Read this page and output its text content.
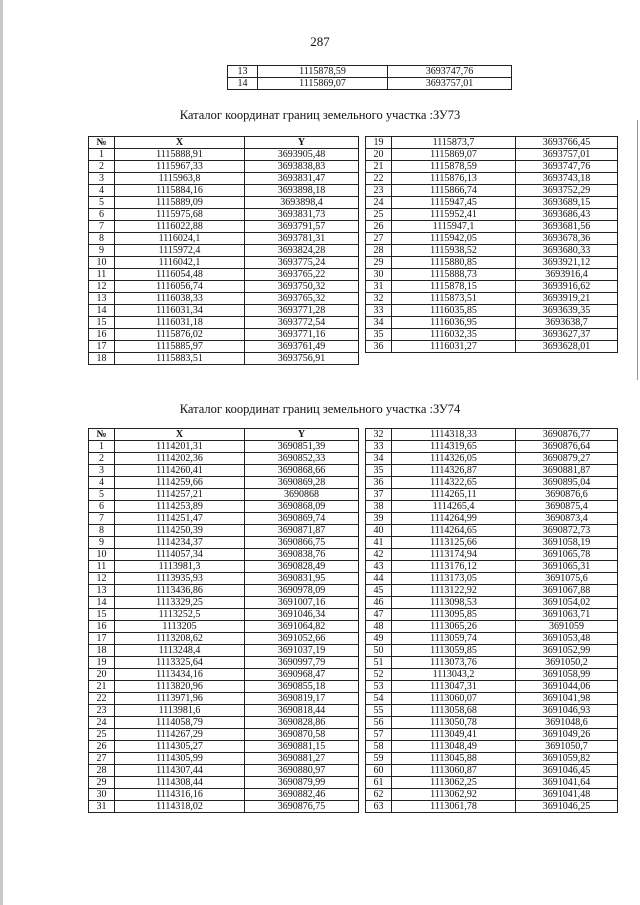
287
13	1115878,59	3693747,76
14	1115869,07	3693757,01
Каталог координат границ земельного участка :ЗУ73
№	X	Y
1	1115888,91	3693905,48
2	1115967,33	3693838,83
3	1115963,8	3693831,47
4	1115884,16	3693898,18
5	1115889,09	3693898,4
6	1115975,68	3693831,73
7	1116022,88	3693791,57
8	1116024,1	3693781,31
9	1115972,4	3693824,28
10	1116042,1	3693775,24
11	1116054,48	3693765,22
12	1116056,74	3693750,32
13	1116038,33	3693765,32
14	1116031,34	3693771,28
15	1116031,18	3693772,54
16	1115876,02	3693771,16
17	1115885,97	3693761,49
18	1115883,51	3693756,91
19	1115873,7	3693766,45
20	1115869,07	3693757,01
21	1115878,59	3693747,76
22	1115876,13	3693743,18
23	1115866,74	3693752,29
24	1115947,45	3693689,15
25	1115952,41	3693686,43
26	1115947,1	3693681,56
27	1115942,05	3693678,36
28	1115938,52	3693680,33
29	1115880,85	3693921,12
30	1115888,73	3693916,4
31	1115878,15	3693916,62
32	1115873,51	3693919,21
33	1116035,85	3693639,35
34	1116036,95	3693638,7
35	1116032,35	3693627,37
36	1116031,27	3693628,01
Каталог координат границ земельного участка :ЗУ74
№	X	Y
1	1114201,31	3690851,39
2	1114202,36	3690852,33
3	1114260,41	3690868,66
4	1114259,66	3690869,28
5	1114257,21	3690868
6	1114253,89	3690868,09
7	1114251,47	3690869,74
8	1114250,39	3690871,87
9	1114234,37	3690866,75
10	1114057,34	3690838,76
11	1113981,3	3690828,49
12	1113935,93	3690831,95
13	1113436,86	3690978,09
14	1113329,25	3691007,16
15	1113252,5	3691046,34
16	1113205	3691064,82
17	1113208,62	3691052,66
18	1113248,4	3691037,19
19	1113325,64	3690997,79
20	1113434,16	3690968,47
21	1113820,96	3690855,18
22	1113971,96	3690819,17
23	1113981,6	3690818,44
24	1114058,79	3690828,86
25	1114267,29	3690870,58
26	1114305,27	3690881,15
27	1114305,99	3690881,27
28	1114307,44	3690880,97
29	1114308,44	3690879,99
30	1114316,16	3690882,46
31	1114318,02	3690876,75
32	1114318,33	3690876,77
33	1114319,65	3690876,64
34	1114326,05	3690879,27
35	1114326,87	3690881,87
36	1114322,65	3690895,04
37	1114265,11	3690876,6
38	1114265,4	3690875,4
39	1114264,99	3690873,4
40	1114264,65	3690872,73
41	1113125,66	3691058,19
42	1113174,94	3691065,78
43	1113176,12	3691065,31
44	1113173,05	3691075,6
45	1113122,92	3691067,88
46	1113098,53	3691054,02
47	1113095,85	3691063,71
48	1113065,26	3691059
49	1113059,74	3691053,48
50	1113059,85	3691052,99
51	1113073,76	3691050,2
52	1113043,2	3691058,99
53	1113047,31	3691044,06
54	1113060,07	3691041,98
55	1113058,68	3691046,93
56	1113050,78	3691048,6
57	1113049,41	3691049,26
58	1113048,49	3691050,7
59	1113045,88	3691059,82
60	1113060,87	3691046,45
61	1113062,25	3691041,64
62	1113062,92	3691041,48
63	1113061,78	3691046,25
